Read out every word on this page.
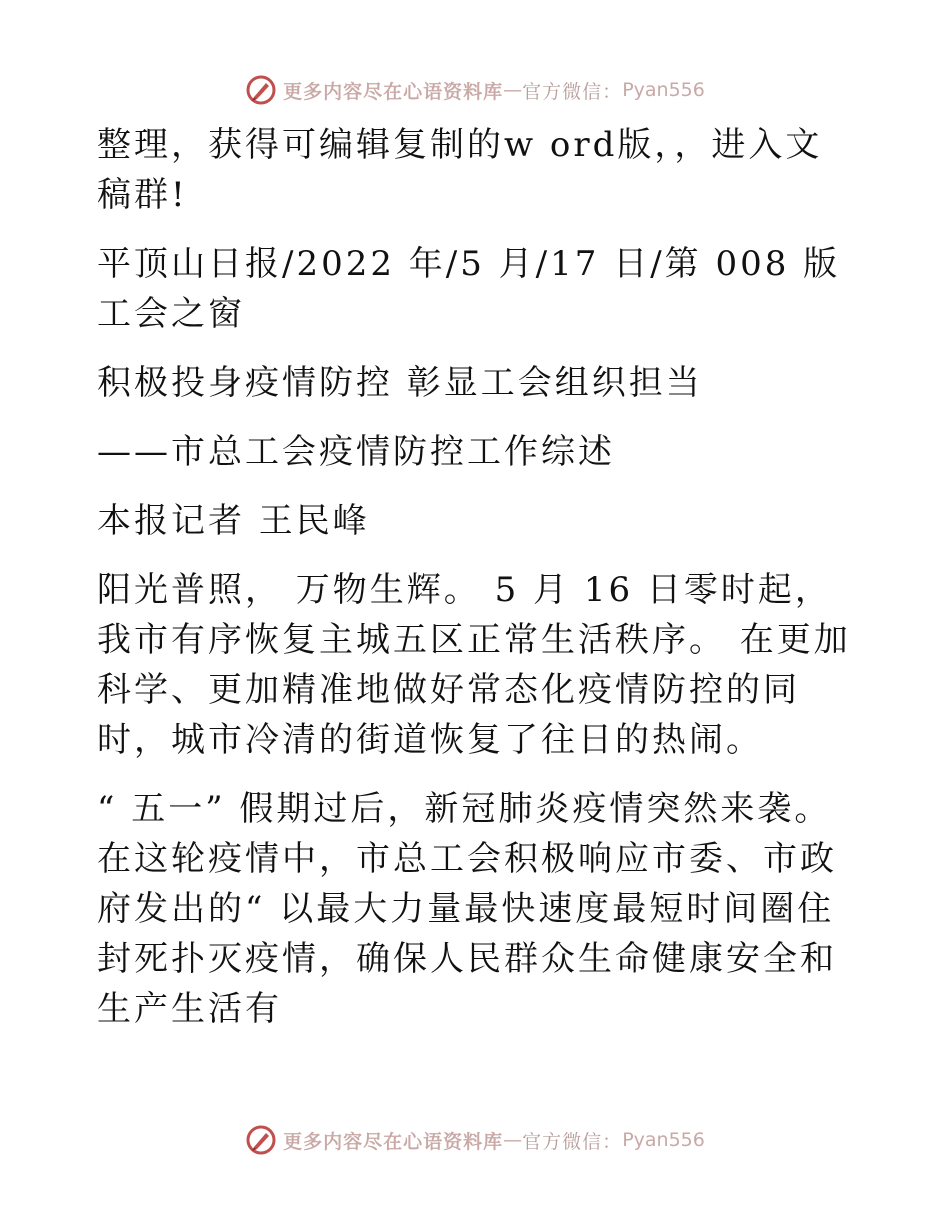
更多内容尽在心语资料库 — 官方微信： Pyan556

整理，获得可编辑复制的w ord版，，进入文稿群!

平顶山日报/2022 年/5 月/17 日/第 008 版工会之窗

积极投身疫情防控 彰显工会组织担当

——市总工会疫情防控工作综述

本报记者 王民峰

阳光普照， 万物生辉。 5 月 16 日零时起， 我市有序恢复主城五区正常生活秩序。 在更加科学、更加精准地做好常态化疫情防控的同时，城市冷清的街道恢复了往日的热闹。

“ 五一” 假期过后，新冠肺炎疫情突然来袭。在这轮疫情中，市总工会积极响应市委、市政府发出的“ 以最大力量最快速度最短时间圈住封死扑灭疫情，确保人民群众生命健康安全和生产生活有

更多内容尽在心语资料库 — 官方微信： Pyan556
